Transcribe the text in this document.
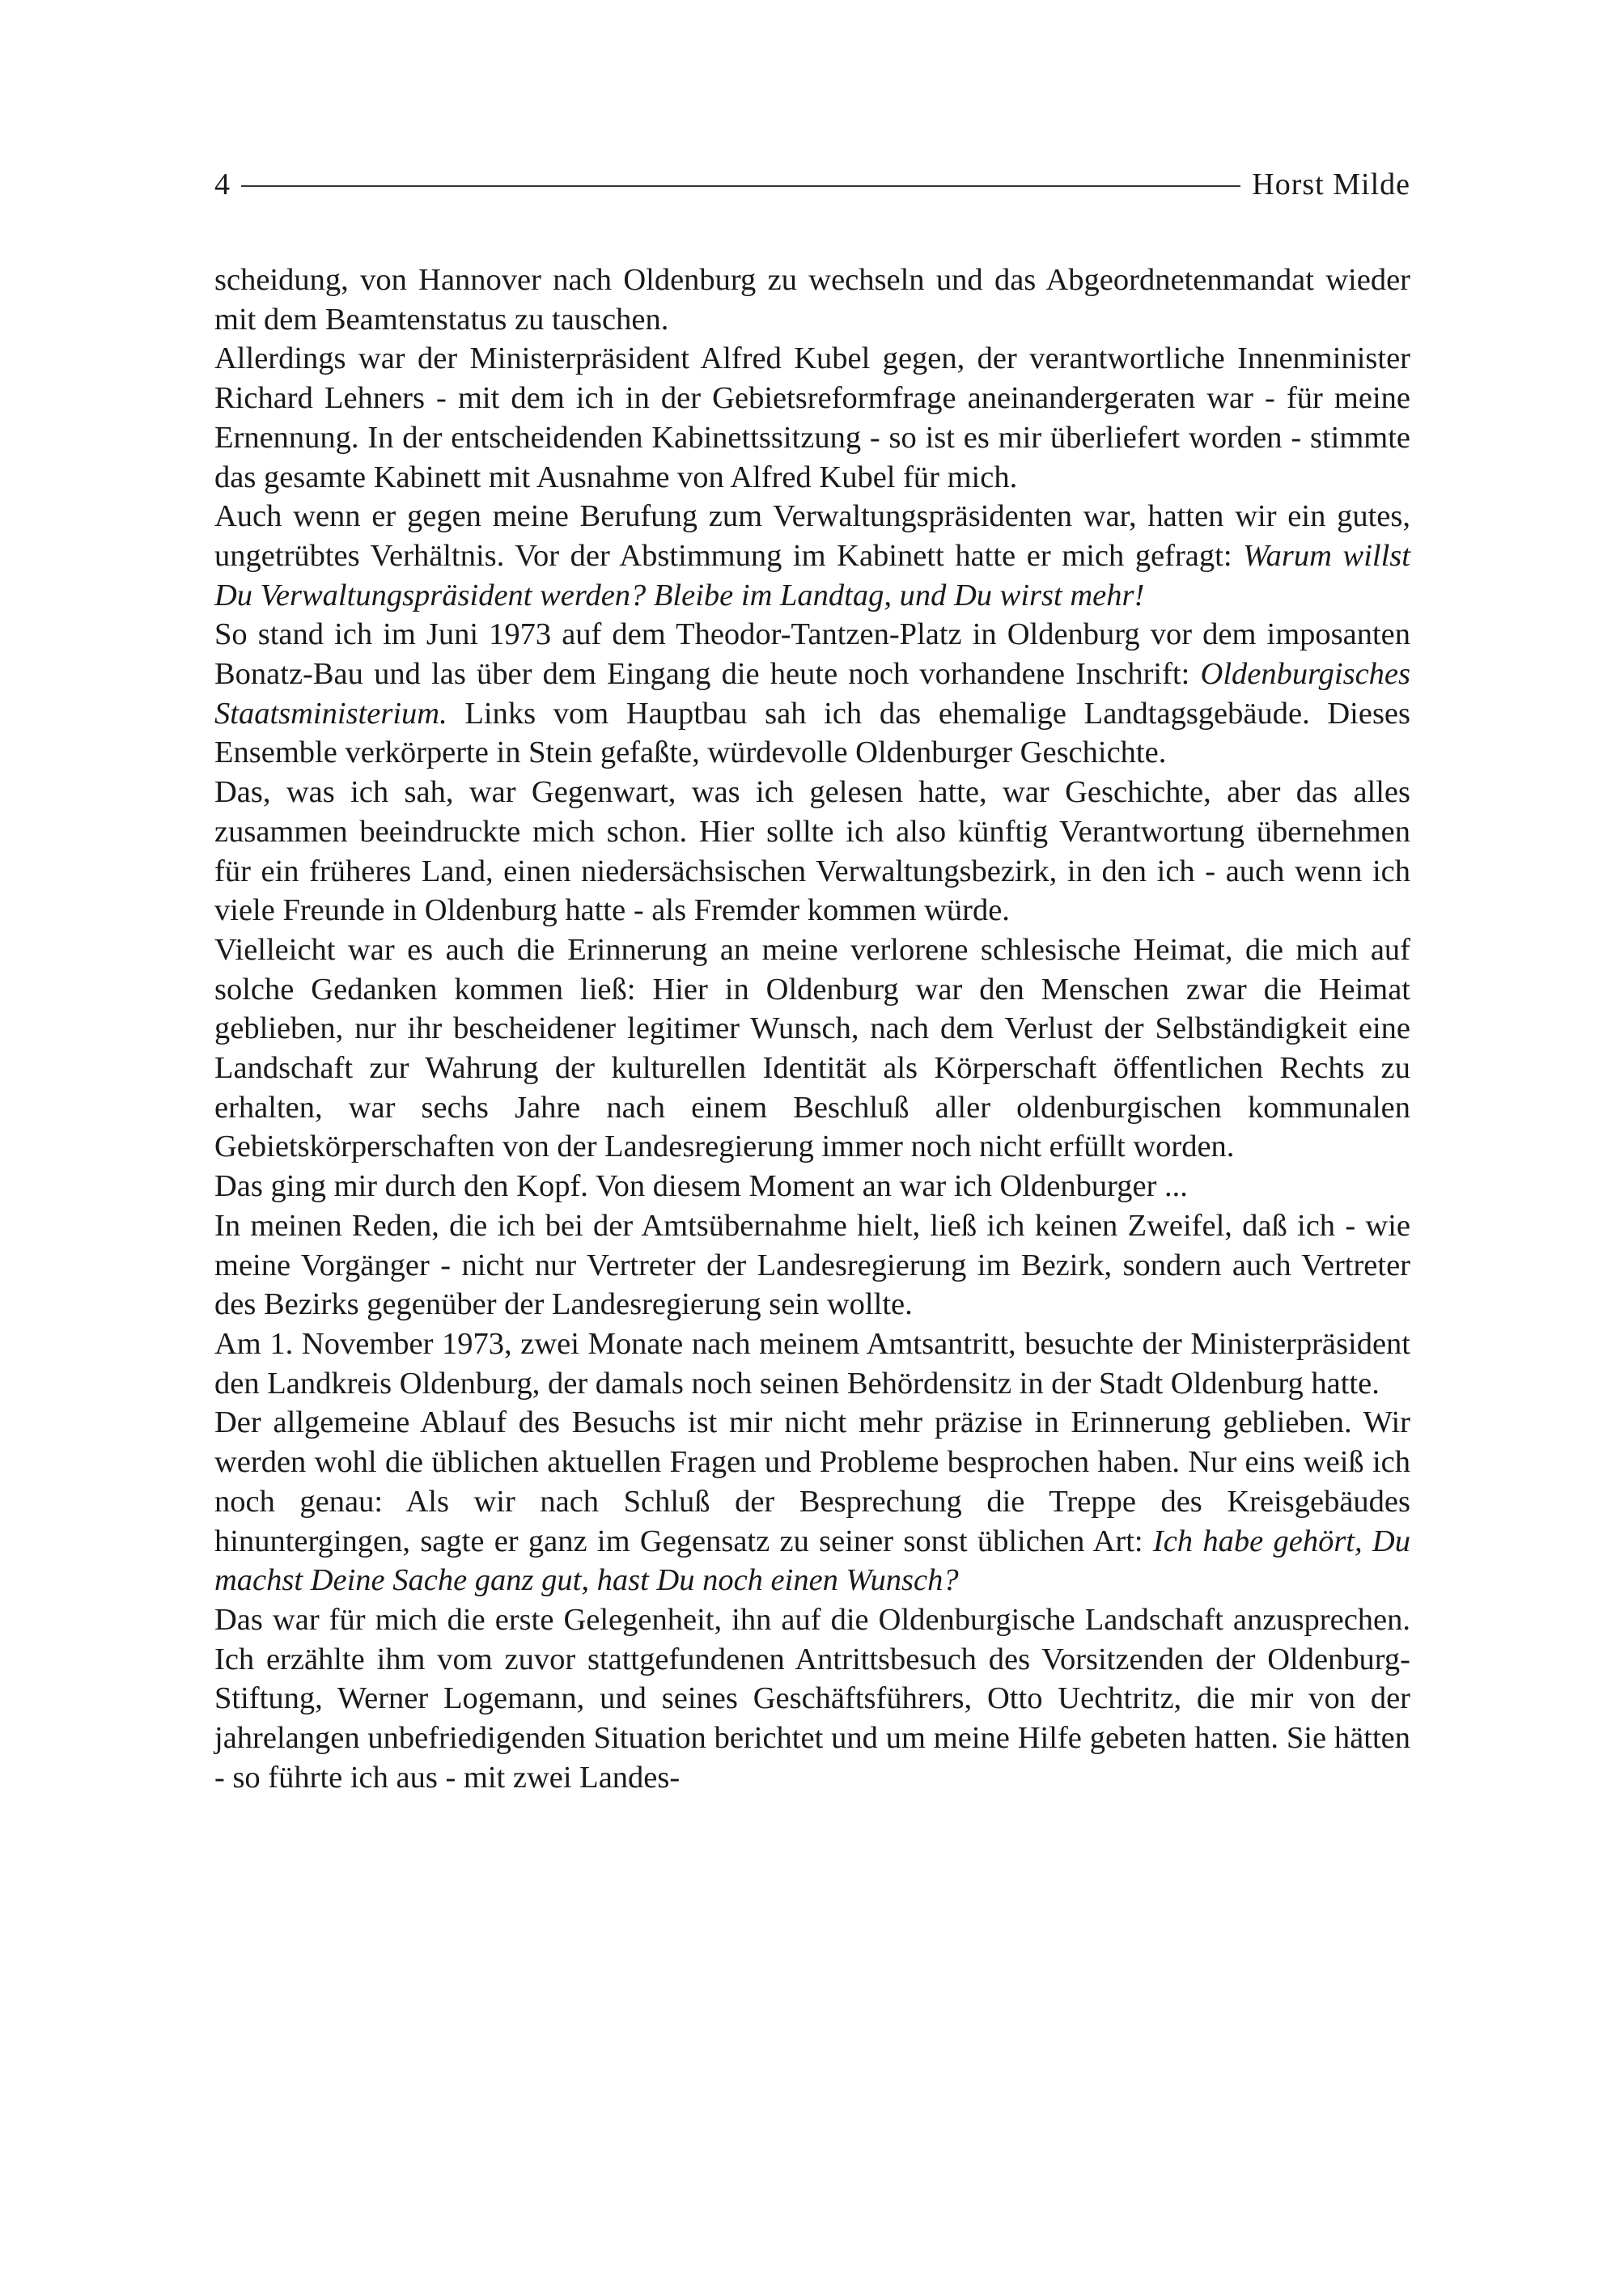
4	Horst Milde

scheidung, von Hannover nach Oldenburg zu wechseln und das Abgeordnetenmandat wieder mit dem Beamtenstatus zu tauschen.

Allerdings war der Ministerpräsident Alfred Kubel gegen, der verantwortliche Innenminister Richard Lehners - mit dem ich in der Gebietsreformfrage aneinandergeraten war - für meine Ernennung. In der entscheidenden Kabinettssitzung - so ist es mir überliefert worden - stimmte das gesamte Kabinett mit Ausnahme von Alfred Kubel für mich.

Auch wenn er gegen meine Berufung zum Verwaltungspräsidenten war, hatten wir ein gutes, ungetrübtes Verhältnis. Vor der Abstimmung im Kabinett hatte er mich gefragt: Warum willst Du Verwaltungspräsident werden? Bleibe im Landtag, und Du wirst mehr!

So stand ich im Juni 1973 auf dem Theodor-Tantzen-Platz in Oldenburg vor dem imposanten Bonatz-Bau und las über dem Eingang die heute noch vorhandene Inschrift: Oldenburgisches Staatsministerium. Links vom Hauptbau sah ich das ehemalige Landtagsgebäude. Dieses Ensemble verkörperte in Stein gefaßte, würdevolle Oldenburger Geschichte.

Das, was ich sah, war Gegenwart, was ich gelesen hatte, war Geschichte, aber das alles zusammen beeindruckte mich schon. Hier sollte ich also künftig Verantwortung übernehmen für ein früheres Land, einen niedersächsischen Verwaltungsbezirk, in den ich - auch wenn ich viele Freunde in Oldenburg hatte - als Fremder kommen würde.

Vielleicht war es auch die Erinnerung an meine verlorene schlesische Heimat, die mich auf solche Gedanken kommen ließ: Hier in Oldenburg war den Menschen zwar die Heimat geblieben, nur ihr bescheidener legitimer Wunsch, nach dem Verlust der Selbständigkeit eine Landschaft zur Wahrung der kulturellen Identität als Körperschaft öffentlichen Rechts zu erhalten, war sechs Jahre nach einem Beschluß aller oldenburgischen kommunalen Gebietskörperschaften von der Landesregierung immer noch nicht erfüllt worden.

Das ging mir durch den Kopf. Von diesem Moment an war ich Oldenburger ...

In meinen Reden, die ich bei der Amtsübernahme hielt, ließ ich keinen Zweifel, daß ich - wie meine Vorgänger - nicht nur Vertreter der Landesregierung im Bezirk, sondern auch Vertreter des Bezirks gegenüber der Landesregierung sein wollte.

Am 1. November 1973, zwei Monate nach meinem Amtsantritt, besuchte der Ministerpräsident den Landkreis Oldenburg, der damals noch seinen Behördensitz in der Stadt Oldenburg hatte.

Der allgemeine Ablauf des Besuchs ist mir nicht mehr präzise in Erinnerung geblieben. Wir werden wohl die üblichen aktuellen Fragen und Probleme besprochen haben. Nur eins weiß ich noch genau: Als wir nach Schluß der Besprechung die Treppe des Kreisgebäudes hinuntergingen, sagte er ganz im Gegensatz zu seiner sonst üblichen Art: Ich habe gehört, Du machst Deine Sache ganz gut, hast Du noch einen Wunsch?

Das war für mich die erste Gelegenheit, ihn auf die Oldenburgische Landschaft anzusprechen. Ich erzählte ihm vom zuvor stattgefundenen Antrittsbesuch des Vorsitzenden der Oldenburg-Stiftung, Werner Logemann, und seines Geschäftsführers, Otto Uechtritz, die mir von der jahrelangen unbefriedigenden Situation berichtet und um meine Hilfe gebeten hatten. Sie hätten - so führte ich aus - mit zwei Landes-
